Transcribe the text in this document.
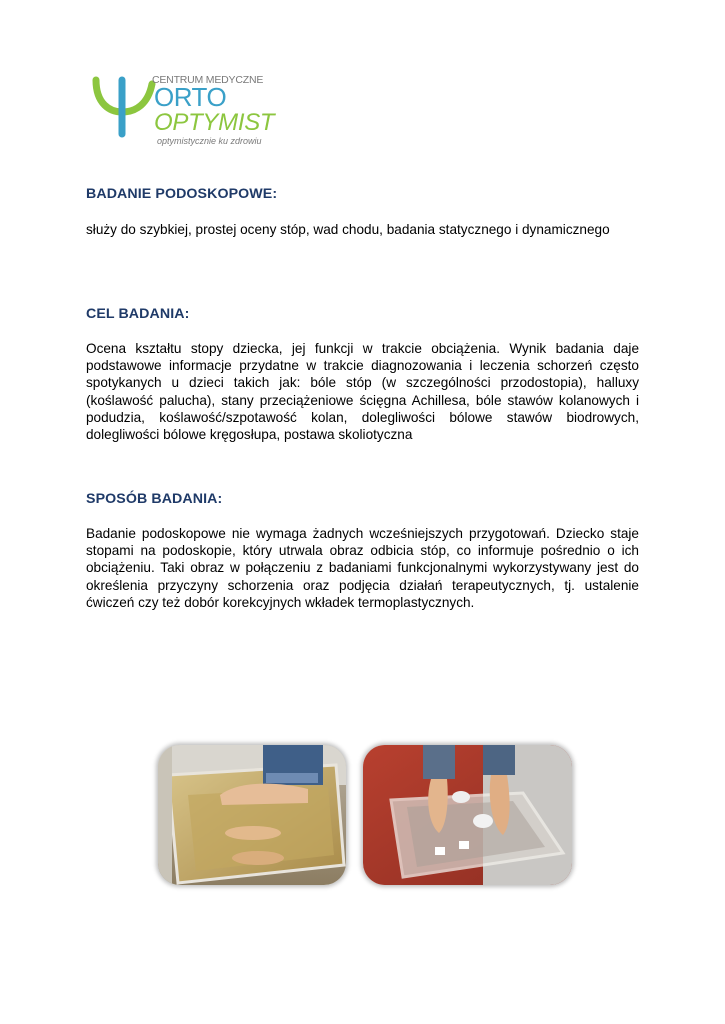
CENTRUM MEDYCZNE
ORTO
OPTYMIST
optymistycznie ku zdrowiu
BADANIE PODOSKOPOWE:

służy do szybkiej, prostej oceny stóp, wad chodu, badania statycznego i dynamicznego

CEL BADANIA:

Ocena kształtu stopy dziecka, jej funkcji w trakcie obciążenia. Wynik badania daje podstawowe informacje przydatne w trakcie diagnozowania i leczenia schorzeń często spotykanych u dzieci takich jak: bóle stóp (w szczególności przodostopia), halluxy (koślawość palucha), stany przeciążeniowe ścięgna Achillesa, bóle stawów kolanowych i podudzia, koślawość/szpotawość kolan, dolegliwości bólowe stawów biodrowych, dolegliwości bólowe kręgosłupa, postawa skoliotyczna

SPOSÓB BADANIA:

Badanie podoskopowe nie wymaga żadnych wcześniejszych przygotowań. Dziecko staje stopami na podoskopie, który utrwala obraz odbicia stóp, co informuje pośrednio o ich obciążeniu. Taki obraz w połączeniu z badaniami funkcjonalnymi wykorzystywany jest do określenia przyczyny schorzenia oraz podjęcia działań terapeutycznych, tj. ustalenie ćwiczeń czy też dobór korekcyjnych wkładek termoplastycznych.
